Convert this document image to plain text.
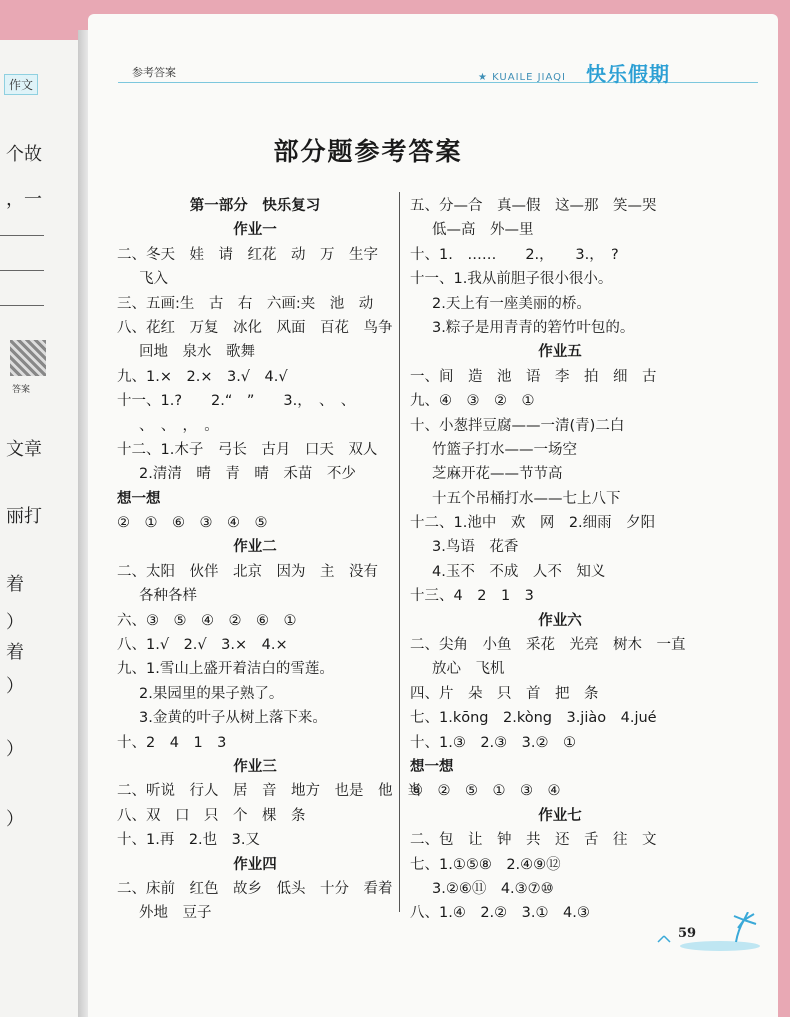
作文
个故
，一
答案
文章
丽打
着
）
着
）
）
）
参考答案	★ KUAILE JIAQI 快乐假期
部分题参考答案
第一部分　快乐复习
作业一
二、冬天　娃　请　红花　动　万　生字
飞入
三、五画:生　古　右　六画:夹　池　动
八、花红　万复　冰化　风面　百花　鸟争
回地　泉水　歌舞
九、1.×　2.×　3.√　4.√
十一、1.?　　2.“　”　　3.，　、　、
、　、　，　。
十二、1.木子　弓长　古月　口天　双人
2.清清　晴　青　晴　禾苗　不少
想一想
②　①　⑥　③　④　⑤
作业二
二、太阳　伙伴　北京　因为　主　没有
各种各样
六、③　⑤　④　②　⑥　①
八、1.√　2.√　3.×　4.×
九、1.雪山上盛开着洁白的雪莲。
2.果园里的果子熟了。
3.金黄的叶子从树上落下来。
十、2　4　1　3
作业三
二、听说　行人　居　音　地方　也是　他　当
八、双　口　只　个　棵　条
十、1.再　2.也　3.又
作业四
二、床前　红色　故乡　低头　十分　看着
外地　豆子
五、分—合　真—假　这—那　笑—哭
低—高　外—里
十、1.　……　　2.，　　3.，　?
十一、1.我从前胆子很小很小。
2.天上有一座美丽的桥。
3.粽子是用青青的箬竹叶包的。
作业五
一、间　造　池　语　李　拍　细　古
九、④　③　②　①
十、小葱拌豆腐——一清(青)二白
竹篮子打水——一场空
芝麻开花——节节高
十五个吊桶打水——七上八下
十二、1.池中　欢　网　2.细雨　夕阳
3.鸟语　花香
4.玉不　不成　人不　知义
十三、4　2　1　3
作业六
二、尖角　小鱼　采花　光亮　树木　一直
放心　飞机
四、片　朵　只　首　把　条
七、1.kōng　2.kòng　3.jiào　4.jué
十、1.③　2.③　3.②　①
想一想
⑥　②　⑤　①　③　④
作业七
二、包　让　钟　共　还　舌　往　文
七、1.①⑤⑧　2.④⑨⑫
3.②⑥⑪　4.③⑦⑩
八、1.④　2.②　3.①　4.③
59
